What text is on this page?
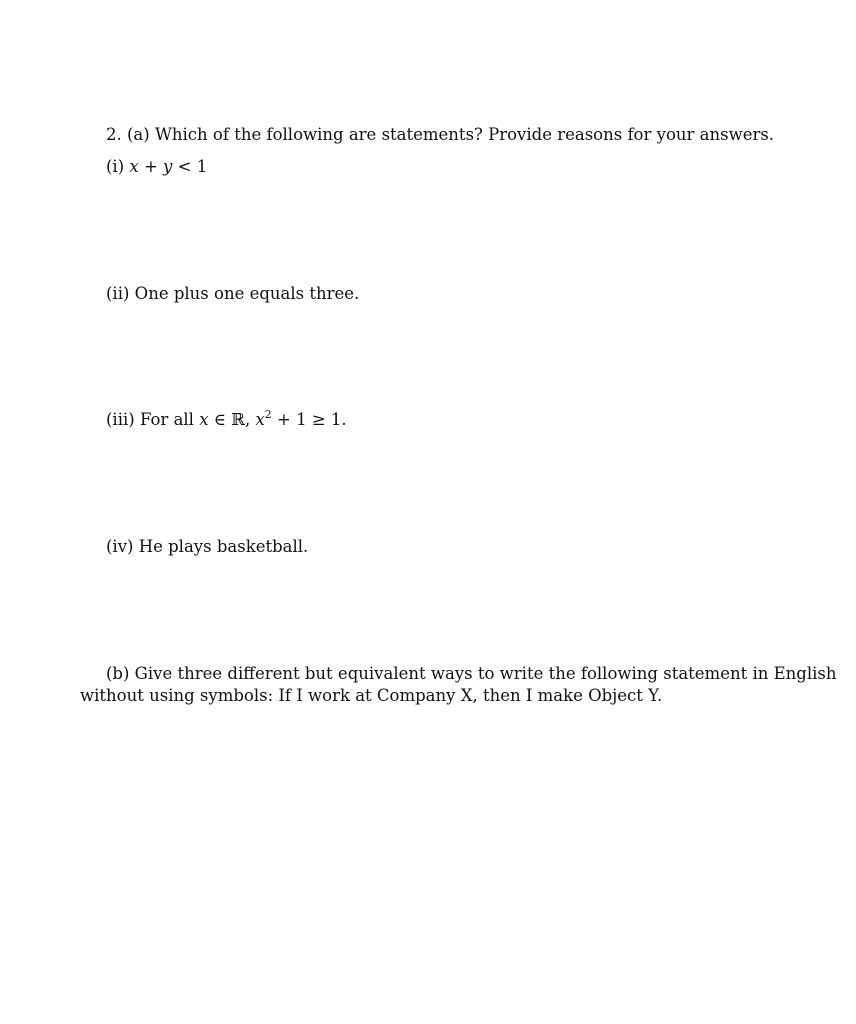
2. (a) Which of the following are statements? Provide reasons for your answers.
(i) x + y < 1
(ii) One plus one equals three.
(iii) For all x ∈ ℝ, $x^2 + 1 \ge 1$.
(iv) He plays basketball.
(b) Give three different but equivalent ways to write the following statement in English
without using symbols: If I work at Company X, then I make Object Y.
